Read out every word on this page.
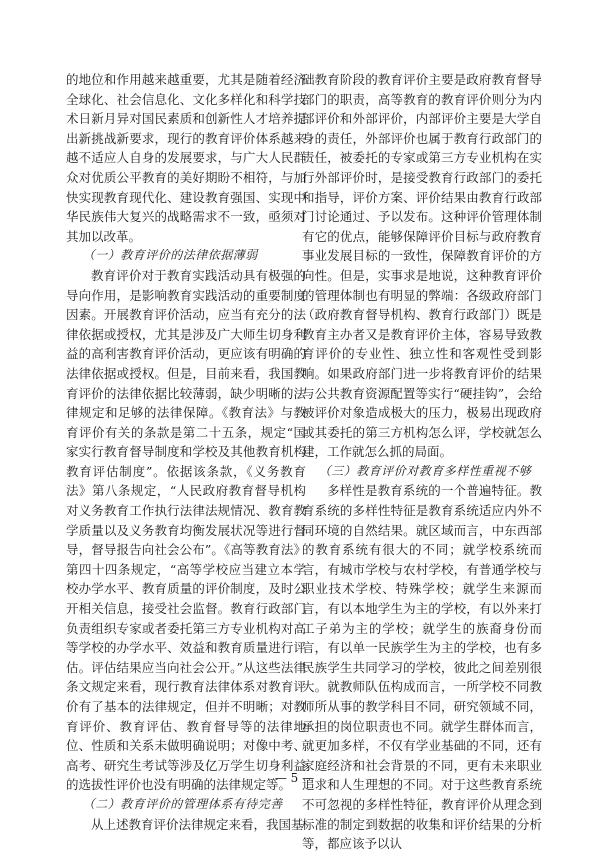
的地位和作用越来越重要，尤其是随着经济全球化、社会信息化、文化多样化和科学技术日新月异对国民素质和创新性人才培养提出新挑战新要求，现行的教育评价体系越来越不适应人自身的发展要求，与广大人民群众对优质公平教育的美好期盼不相符，与加快实现教育现代化、建设教育强国、实现中华民族伟大复兴的战略需求不一致，亟须对其加以改革。

（一）教育评价的法律依据薄弱

教育评价对于教育实践活动具有极强的导向作用，是影响教育实践活动的重要制度因素。开展教育评价活动，应当有充分的法律依据或授权，尤其是涉及广大师生切身利益的高利害教育评价活动，更应该有明确的法律依据或授权。但是，目前来看，我国教育评价的法律依据比较薄弱，缺少明晰的法律规定和足够的法律保障。《教育法》与教育评价有关的条款是第二十五条，规定“国家实行教育督导制度和学校及其他教育机构教育评估制度”。依据该条款，《义务教育法》第八条规定，“人民政府教育督导机构对义务教育工作执行法律法规情况、教育教学质量以及义务教育均衡发展状况等进行督导，督导报告向社会公布”。《高等教育法》第四十四条规定，“高等学校应当建立本学校办学水平、教育质量的评价制度，及时公开相关信息，接受社会监督。教育行政部门负责组织专家或者委托第三方专业机构对高等学校的办学水平、效益和教育质量进行评估。评估结果应当向社会公开。”从这些法律条文规定来看，现行教育法律体系对教育评价有了基本的法律规定，但并不明晰；对教育评价、教育评估、教育督导等的法律地位、性质和关系未做明确说明；对像中考、高考、研究生考试等涉及亿万学生切身利益的选拔性评价也没有明确的法律规定等。

（二）教育评价的管理体系有待完善

从上述教育评价法律规定来看，我国基

础教育阶段的教育评价主要是政府教育督导部门的职责，高等教育的教育评价则分为内部评价和外部评价，内部评价主要是大学自身的责任，外部评价也属于教育行政部门的责任，被委托的专家或第三方专业机构在实行外部评价时，是接受教育行政部门的委托和指导，评价方案、评价结果由教育行政部门讨论通过、予以发布。这种评价管理体制有它的优点，能够保障评价目标与政府教育事业发展目标的一致性，保障教育评价的方向性。但是，实事求是地说，这种教育评价的管理体制也有明显的弊端：各级政府部门（政府教育督导机构、教育行政部门）既是教育主办者又是教育评价主体，容易导致教育评价的专业性、独立性和客观性受到影响。如果政府部门进一步将教育评价的结果与公共教育资源配置等实行“硬挂钩”，会给被评价对象造成极大的压力，极易出现政府或其委托的第三方机构怎么评，学校就怎么建，工作就怎么抓的局面。

（三）教育评价对教育多样性重视不够

多样性是教育系统的一个普遍特征。教育系统的多样性特征是教育系统适应内外不同环境的自然结果。就区域而言，中东西部的教育系统有很大的不同；就学校系统而言，有城市学校与农村学校，有普通学校与职业技术学校、特殊学校；就学生来源而言，有以本地学生为主的学校，有以外来打工子弟为主的学校；就学生的族裔身份而言，有以单一民族学生为主的学校，也有多民族学生共同学习的学校，彼此之间差别很大。就教师队伍构成而言，一所学校不同教师所从事的教学科目不同，研究领域不同，承担的岗位职责也不同。就学生群体而言，就更加多样，不仅有学业基础的不同，还有家庭经济和社会背景的不同，更有未来职业追求和人生理想的不同。对于这些教育系统不可忽视的多样性特征，教育评价从理念到标准的制定到数据的收集和评价结果的分析等，都应该予以认

— 5 —
